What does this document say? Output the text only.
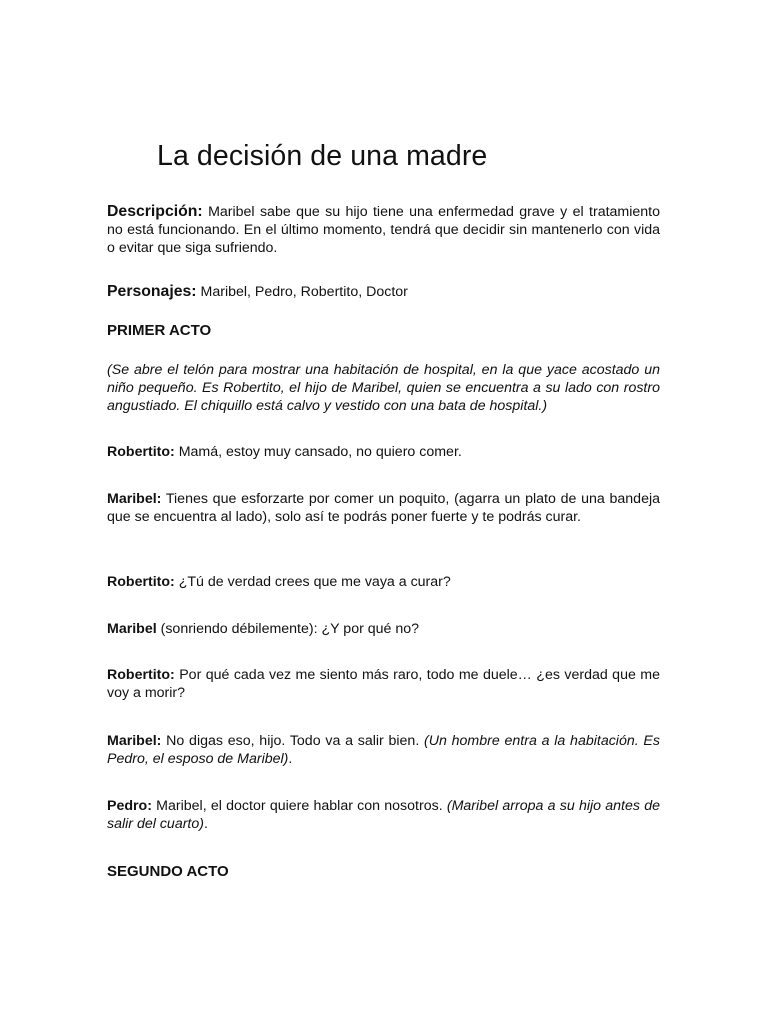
La decisión de una madre

Descripción: Maribel sabe que su hijo tiene una enfermedad grave y el tratamiento no está funcionando. En el último momento, tendrá que decidir sin mantenerlo con vida o evitar que siga sufriendo.

Personajes: Maribel, Pedro, Robertito, Doctor

PRIMER ACTO

(Se abre el telón para mostrar una habitación de hospital, en la que yace acostado un niño pequeño. Es Robertito, el hijo de Maribel, quien se encuentra a su lado con rostro angustiado. El chiquillo está calvo y vestido con una bata de hospital.)

Robertito: Mamá, estoy muy cansado, no quiero comer.

Maribel: Tienes que esforzarte por comer un poquito, (agarra un plato de una bandeja que se encuentra al lado), solo así te podrás poner fuerte y te podrás curar.

Robertito: ¿Tú de verdad crees que me vaya a curar?

Maribel (sonriendo débilemente): ¿Y por qué no?

Robertito: Por qué cada vez me siento más raro, todo me duele… ¿es verdad que me voy a morir?

Maribel: No digas eso, hijo. Todo va a salir bien. (Un hombre entra a la habitación. Es Pedro, el esposo de Maribel).

Pedro: Maribel, el doctor quiere hablar con nosotros. (Maribel arropa a su hijo antes de salir del cuarto).

SEGUNDO ACTO
